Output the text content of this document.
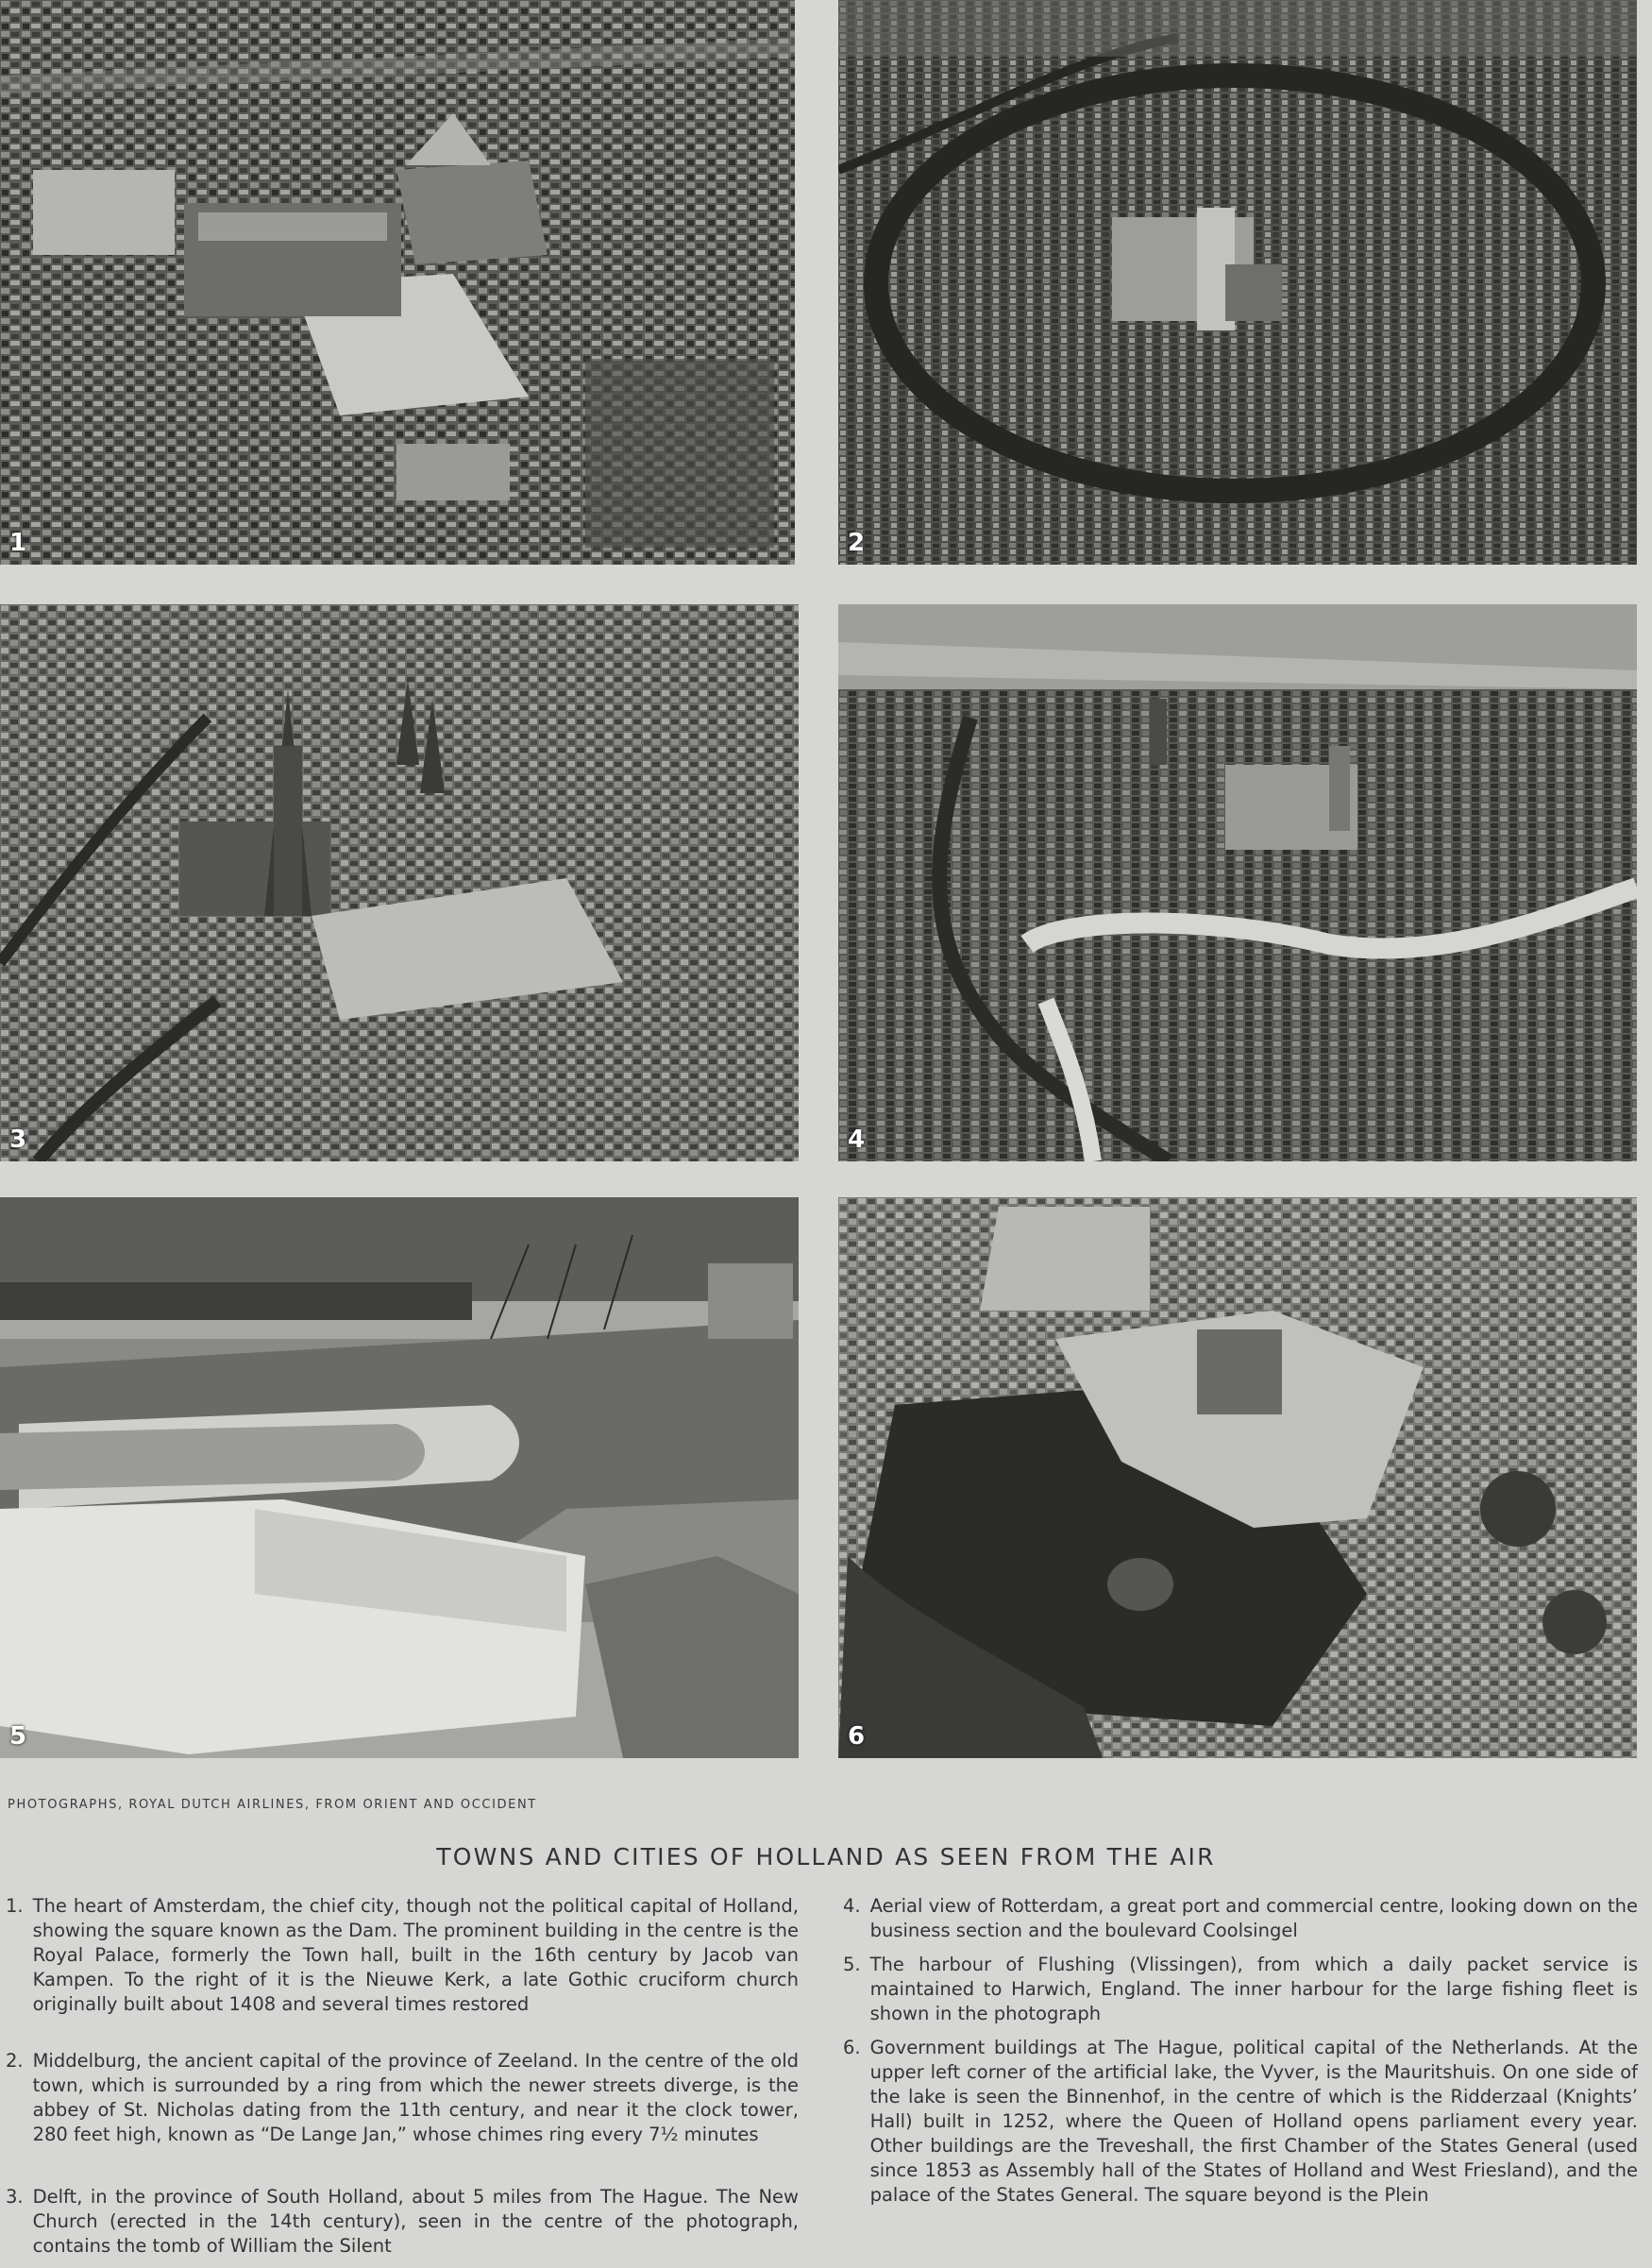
1	2
3	4
5	6
PHOTOGRAPHS, ROYAL DUTCH AIRLINES, FROM ORIENT AND OCCIDENT
TOWNS AND CITIES OF HOLLAND AS SEEN FROM THE AIR
1. The heart of Amsterdam, the chief city, though not the political capital of Holland, showing the square known as the Dam. The prominent building in the centre is the Royal Palace, formerly the Town hall, built in the 16th century by Jacob van Kampen. To the right of it is the Nieuwe Kerk, a late Gothic cruciform church originally built about 1408 and several times restored
2. Middelburg, the ancient capital of the province of Zeeland. In the centre of the old town, which is surrounded by a ring from which the newer streets diverge, is the abbey of St. Nicholas dating from the 11th century, and near it the clock tower, 280 feet high, known as “De Lange Jan,” whose chimes ring every 7½ minutes
3. Delft, in the province of South Holland, about 5 miles from The Hague. The New Church (erected in the 14th century), seen in the centre of the photograph, contains the tomb of William the Silent
4. Aerial view of Rotterdam, a great port and commercial centre, looking down on the business section and the boulevard Coolsingel
5. The harbour of Flushing (Vlissingen), from which a daily packet service is maintained to Harwich, England. The inner harbour for the large fishing fleet is shown in the photograph
6. Government buildings at The Hague, political capital of the Netherlands. At the upper left corner of the artificial lake, the Vyver, is the Mauritshuis. On one side of the lake is seen the Binnenhof, in the centre of which is the Ridderzaal (Knights’ Hall) built in 1252, where the Queen of Holland opens parliament every year. Other buildings are the Treveshall, the first Chamber of the States General (used since 1853 as Assembly hall of the States of Holland and West Friesland), and the palace of the States General. The square beyond is the Plein
